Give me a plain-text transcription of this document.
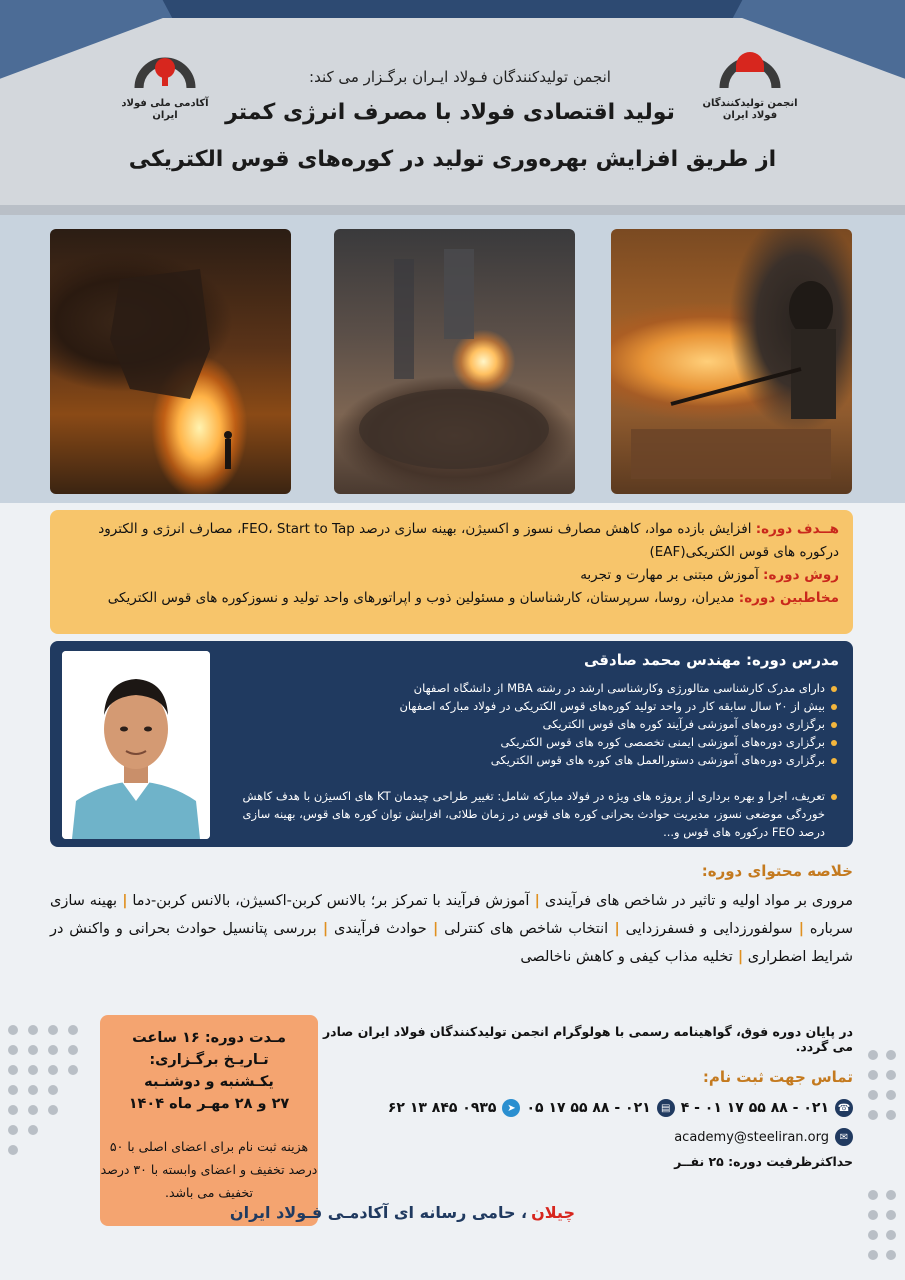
انجمن تولیدکنندگان فولاد ایران
آکادمی ملی فولاد ایران
انجمن تولیدکنندگان فـولاد ایـران برگـزار می کند:
تولید اقتصادی فولاد با مصرف انرژی کمتر
از طریق افزایش بهره‌وری تولید در کوره‌های قوس الکتریکی
هــدف دوره: افزایش بازده مواد، کاهش مصارف نسوز و اکسیژن، بهینه سازی درصد FEO، Start to Tap، مصارف انرژی و الکترود درکوره های قوس الکتریکی(EAF)
روش دوره: آموزش مبتنی بر مهارت و تجربه
مخاطبین دوره: مدیران، روسا، سرپرستان، کارشناسان و مسئولین ذوب و اپراتورهای واحد تولید و نسوزکوره های قوس الکتریکی
مدرس دوره: مهندس محمد صادقی
دارای مدرک کارشناسی متالورژی وکارشناسی ارشد در رشته MBA از دانشگاه اصفهان
بیش از ۲۰ سال سابقه کار در واحد تولید کوره‌های قوس الکتریکی در فولاد مبارکه اصفهان
برگزاری دوره‌های آموزشی فرآیند کوره های قوس الکتریکی
برگزاری دوره‌های آموزشی ایمنی تخصصی کوره های قوس الکتریکی
برگزاری دوره‌های آموزشی دستورالعمل های کوره های قوس الکتریکی
تعریف، اجرا و بهره برداری از پروژه های ویژه در فولاد مبارکه شامل: تغییر طراحی چیدمان KT های اکسیژن با هدف کاهش خوردگی موضعی نسوز، مدیریت حوادث بحرانی کوره های قوس در زمان طلائی، افزایش توان کوره های قوس، بهینه سازی درصد FEO درکوره های قوس و...
خلاصه محتوای دوره:
مروری بر مواد اولیه و تاثیر در شاخص های فرآیندی | آموزش فرآیند با تمرکز بر؛ بالانس کربن-اکسیژن، بالانس کربن-دما | بهینه سازی سرباره | سولفورزدایی و فسفرزدایی | انتخاب شاخص های کنترلی | حوادث فرآیندی | بررسی پتانسیل حوادث بحرانی و واکنش در شرایط اضطراری | تخلیه مذاب کیفی و کاهش ناخالصی
مـدت دوره: ۱۶ ساعت
تـاریـخ برگـزاری:
یکـشنبه و دوشنـبه
۲۷ و ۲۸ مهـر ماه ۱۴۰۴
هزینه ثبت نام برای اعضای اصلی با ۵۰ درصد تخفیف و اعضای وابسته با ۳۰ درصد تخفیف می باشد.
در پایان دوره فوق، گواهینامه رسمی با هولوگرام انجمن تولیدکنندگان فولاد ایران صادر می گردد.
تماس جهت ثبت نام:
☎
۰۲۱ - ۸۸ ۵۵ ۱۷ ۰۱ - ۴
▤
۰۲۱ - ۸۸ ۵۵ ۱۷ ۰۵
➤
۰۹۳۵ ۸۴۵ ۱۳ ۶۲
academy@steeliran.org	✉
حداکثرظرفیت دوره: ۲۵ نفــر
چیلان، حامی رسانه ای آکادمـی فـولاد ایران
